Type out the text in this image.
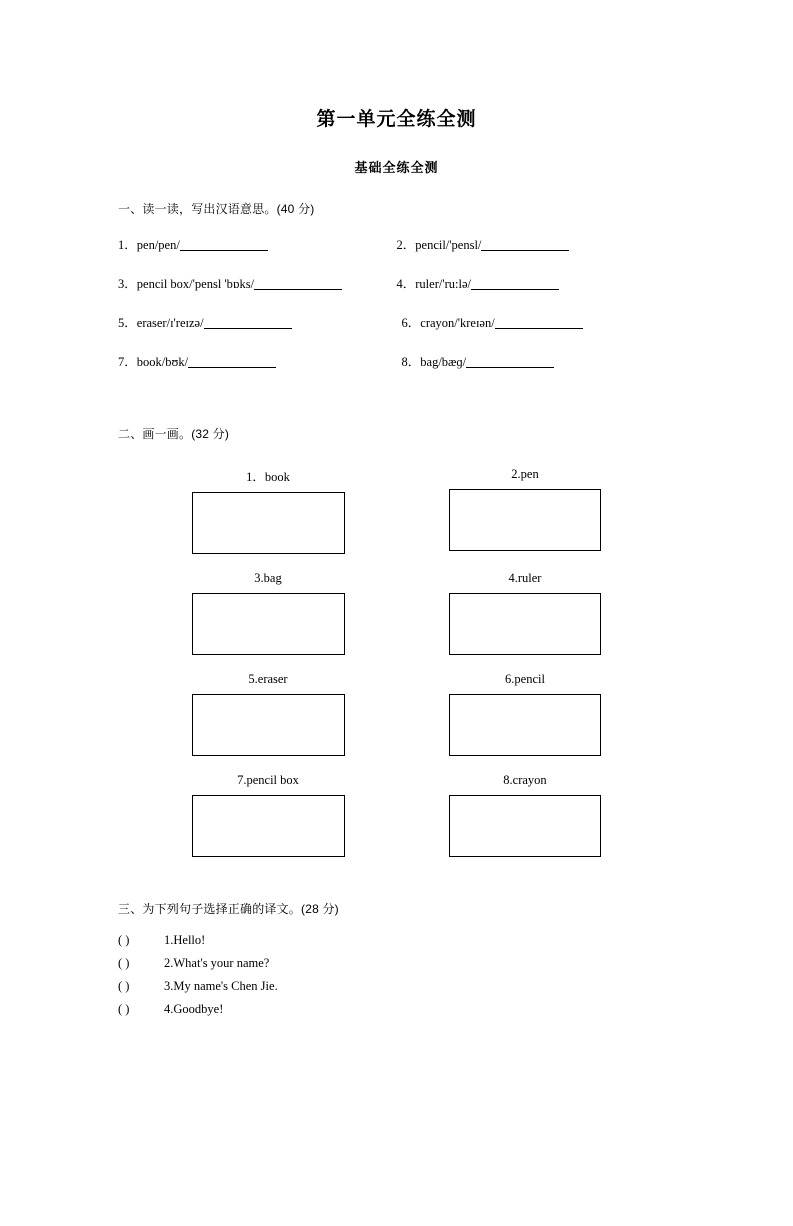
第一单元全练全测
基础全练全测
一、读一读，写出汉语意思。(40 分)
1．pen/pen/	2．pencil/'pensl/
3．pencil box/'pensl 'bɒks/	4．ruler/'ru:lə/
5．eraser/ɪ'reɪzə/	6．crayon/'kreɪən/
7．book/bʊk/	8．bag/bæɡ/
二、画一画。(32 分)
1．book	2.pen
3.bag	4.ruler
5.eraser	6.pencil
7.pencil box	8.crayon
三、为下列句子选择正确的译文。(28 分)
( )	1.Hello!
( )	2.What's your name?
( )	3.My name's Chen Jie.
( )	4.Goodbye!
